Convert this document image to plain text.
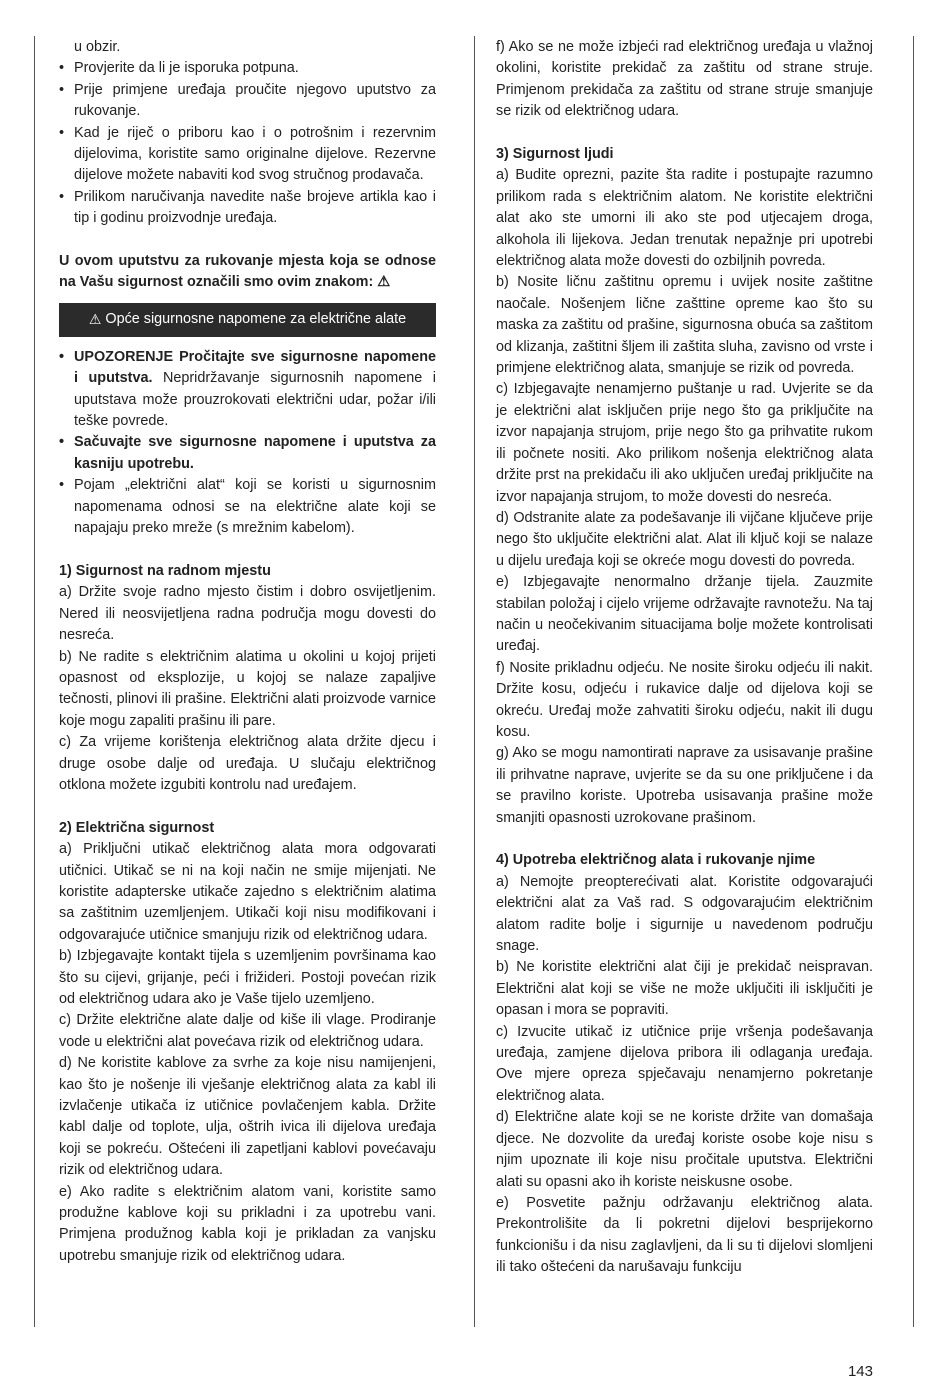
u obzir.

• Provjerite da li je isporuka potpuna.

• Prije primjene uređaja proučite njegovo uputstvo za rukovanje.

• Kad je riječ o priboru kao i o potrošnim i rezervnim dijelovima, koristite samo originalne dijelove. Rezervne dijelove možete nabaviti kod svog stručnog prodavača.

• Prilikom naručivanja navedite naše brojeve artikla kao i tip i godinu proizvodnje uređaja.

U ovom uputstvu za rukovanje mjesta koja se odnose na Vašu sigurnost označili smo ovim znakom: ⚠

⚠ Opće sigurnosne napomene za električne alate

• UPOZORENJE Pročitajte sve sigurnosne napomene i uputstva. Nepridržavanje sigurnosnih napomene i uputstava može prouzrokovati električni udar, požar i/ili teške povrede.

• Sačuvajte sve sigurnosne napomene i uputstva za kasniju upotrebu.

• Pojam „električni alat“ koji se koristi u sigurnosnim napomenama odnosi se na električne alate koji se napajaju preko mreže (s mrežnim kabelom).

1) Sigurnost na radnom mjestu

a) Držite svoje radno mjesto čistim i dobro osvijetljenim. Nered ili neosvijetljena radna područja mogu dovesti do nesreća.

b) Ne radite s električnim alatima u okolini u kojoj prijeti opasnost od eksplozije, u kojoj se nalaze zapaljive tečnosti, plinovi ili prašine. Električni alati proizvode varnice koje mogu zapaliti prašinu ili pare.

c) Za vrijeme korištenja električnog alata držite djecu i druge osobe dalje od uređaja. U slučaju električnog otklona možete izgubiti kontrolu nad uređajem.

2) Električna sigurnost

a) Priključni utikač električnog alata mora odgovarati utičnici. Utikač se ni na koji način ne smije mijenjati. Ne koristite adapterske utikače zajedno s električnim alatima sa zaštitnim uzemljenjem. Utikači koji nisu modifikovani i odgovarajuće utičnice smanjuju rizik od električnog udara.

b) Izbjegavajte kontakt tijela s uzemljenim površinama kao što su cijevi, grijanje, peći i frižideri. Postoji povećan rizik od električnog udara ako je Vaše tijelo uzemljeno.

c) Držite električne alate dalje od kiše ili vlage. Prodiranje vode u električni alat povećava rizik od električnog udara.

d) Ne koristite kablove za svrhe za koje nisu namijenjeni, kao što je nošenje ili vješanje električnog alata za kabl ili izvlačenje utikača iz utičnice povlačenjem kabla. Držite kabl dalje od toplote, ulja, oštrih ivica ili dijelova uređaja koji se pokreću. Oštećeni ili zapetljani kablovi povećavaju rizik od električnog udara.

e) Ako radite s električnim alatom vani, koristite samo produžne kablove koji su prikladni i za upotrebu vani. Primjena produžnog kabla koji je prikladan za vanjsku upotrebu smanjuje rizik od električnog udara.

f) Ako se ne može izbjeći rad električnog uređaja u vlažnoj okolini, koristite prekidač za zaštitu od strane struje. Primjenom prekidača za zaštitu od strane struje smanjuje se rizik od električnog udara.

3) Sigurnost ljudi

a) Budite oprezni, pazite šta radite i postupajte razumno prilikom rada s električnim alatom. Ne koristite električni alat ako ste umorni ili ako ste pod utjecajem droga, alkohola ili lijekova. Jedan trenutak nepažnje pri upotrebi električnog alata može dovesti do ozbiljnih povreda.

b) Nosite ličnu zaštitnu opremu i uvijek nosite zaštitne naočale. Nošenjem lične zašttine opreme kao što su maska za zaštitu od prašine, sigurnosna obuća sa zaštitom od klizanja, zaštitni šljem ili zaštita sluha, zavisno od vrste i primjene električnog alata, smanjuje se rizik od povreda.

c) Izbjegavajte nenamjerno puštanje u rad. Uvjerite se da je električni alat isključen prije nego što ga priključite na izvor napajanja strujom, prije nego što ga prihvatite rukom ili počnete nositi. Ako prilikom nošenja električnog alata držite prst na prekidaču ili ako uključen uređaj priključite na izvor napajanja strujom, to može dovesti do nesreća.

d) Odstranite alate za podešavanje ili vijčane ključeve prije nego što uključite električni alat. Alat ili ključ koji se nalaze u dijelu uređaja koji se okreće mogu dovesti do povreda.

e) Izbjegavajte nenormalno držanje tijela. Zauzmite stabilan položaj i cijelo vrijeme održavajte ravnotežu. Na taj način u neočekivanim situacijama bolje možete kontrolisati uređaj.

f) Nosite prikladnu odjeću. Ne nosite široku odjeću ili nakit. Držite kosu, odjeću i rukavice dalje od dijelova koji se okreću. Uređaj može zahvatiti široku odjeću, nakit ili dugu kosu.

g) Ako se mogu namontirati naprave za usisavanje prašine ili prihvatne naprave, uvjerite se da su one priključene i da se pravilno koriste. Upotreba usisavanja prašine može smanjiti opasnosti uzrokovane prašinom.

4) Upotreba električnog alata i rukovanje njime

a) Nemojte preopterećivati alat. Koristite odgovarajući električni alat za Vaš rad. S odgovarajućim električnim alatom radite bolje i sigurnije u navedenom području snage.

b) Ne koristite električni alat čiji je prekidač neispravan. Električni alat koji se više ne može uključiti ili isključiti je opasan i mora se popraviti.

c) Izvucite utikač iz utičnice prije vršenja podešavanja uređaja, zamjene dijelova pribora ili odlaganja uređaja. Ove mjere opreza spječavaju nenamjerno pokretanje električnog alata.

d) Električne alate koji se ne koriste držite van domašaja djece. Ne dozvolite da uređaj koriste osobe koje nisu s njim upoznate ili koje nisu pročitale uputstva. Električni alati su opasni ako ih koriste neiskusne osobe.

e) Posvetite pažnju održavanju električnog alata. Prekontrolišite da li pokretni dijelovi besprijekorno funkcionišu i da nisu zaglavljeni, da li su ti dijelovi slomljeni ili tako oštećeni da narušavaju funkciju

143
